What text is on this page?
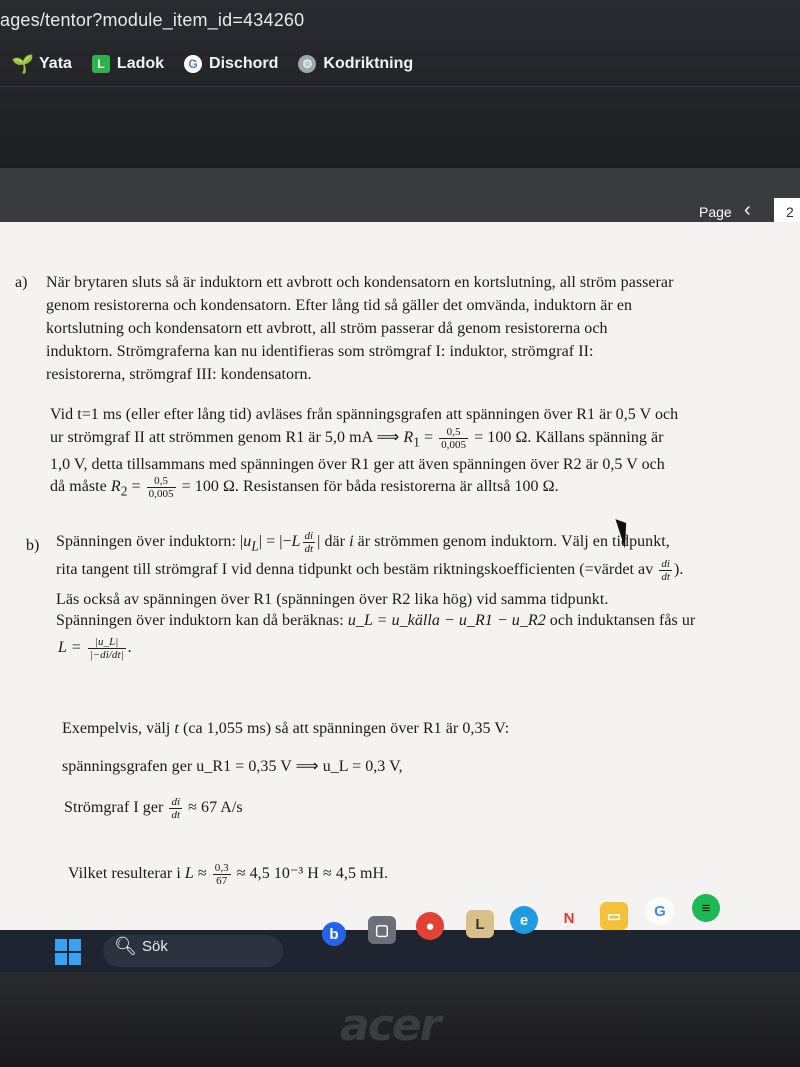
ages/tentor?module_item_id=434260
🌱 Yata	L Ladok	G Dischord	⚙ Kodriktning
Page ‹	2
a) När brytaren sluts så är induktorn ett avbrott och kondensatorn en kortslutning, all ström passerar
genom resistorerna och kondensatorn. Efter lång tid så gäller det omvända, induktorn är en
kortslutning och kondensatorn ett avbrott, all ström passerar då genom resistorerna och
induktorn. Strömgraferna kan nu identifieras som strömgraf I: induktor, strömgraf II:
resistorerna, strömgraf III: kondensatorn.
Vid t=1 ms (eller efter lång tid) avläses från spänningsgrafen att spänningen över R1 är 0,5 V och
ur strömgraf II att strömmen genom R1 är 5,0 mA ⟹ $R_1 = \frac{0,5}{0,005} = 100$ Ω. Källans spänning är
1,0 V, detta tillsammans med spänningen över R1 ger att även spänningen över R2 är 0,5 V och
då måste $R_2 = \frac{0,5}{0,005} = 100$ Ω. Resistansen för båda resistorerna är alltså 100 Ω.
b) Spänningen över induktorn: $|u_L| = |-L \frac{di}{dt}$ | där i är strömmen genom induktorn. Välj en tidpunkt,
rita tangent till strömgraf I vid denna tidpunkt och bestäm riktningskoefficienten (=värdet av $\frac{di}{dt}$ ).
Läs också av spänningen över R1 (spänningen över R2 lika hög) vid samma tidpunkt.
Spänningen över induktorn kan då beräknas: u_L = u_källa − u_R1 − u_R2 och induktansen fås ur
$L = \frac{|u\_L|}{|-di/dt|}$ .
Exempelvis, välj t (ca 1,055 ms) så att spänningen över R1 är 0,35 V:
spänningsgrafen ger u_R1 = 0,35 V ⟹ u_L = 0,3 V,
Strömgraf I ger $\frac{di}{dt} \approx 67$ A/s
Vilket resulterar i $L \approx \frac{0,3}{67} \approx 4,5$ 10⁻³ H ≈ 4,5 mH.
🔍︎ Sök
b	▢	●	L	e	N	▭	G	≡
acer
